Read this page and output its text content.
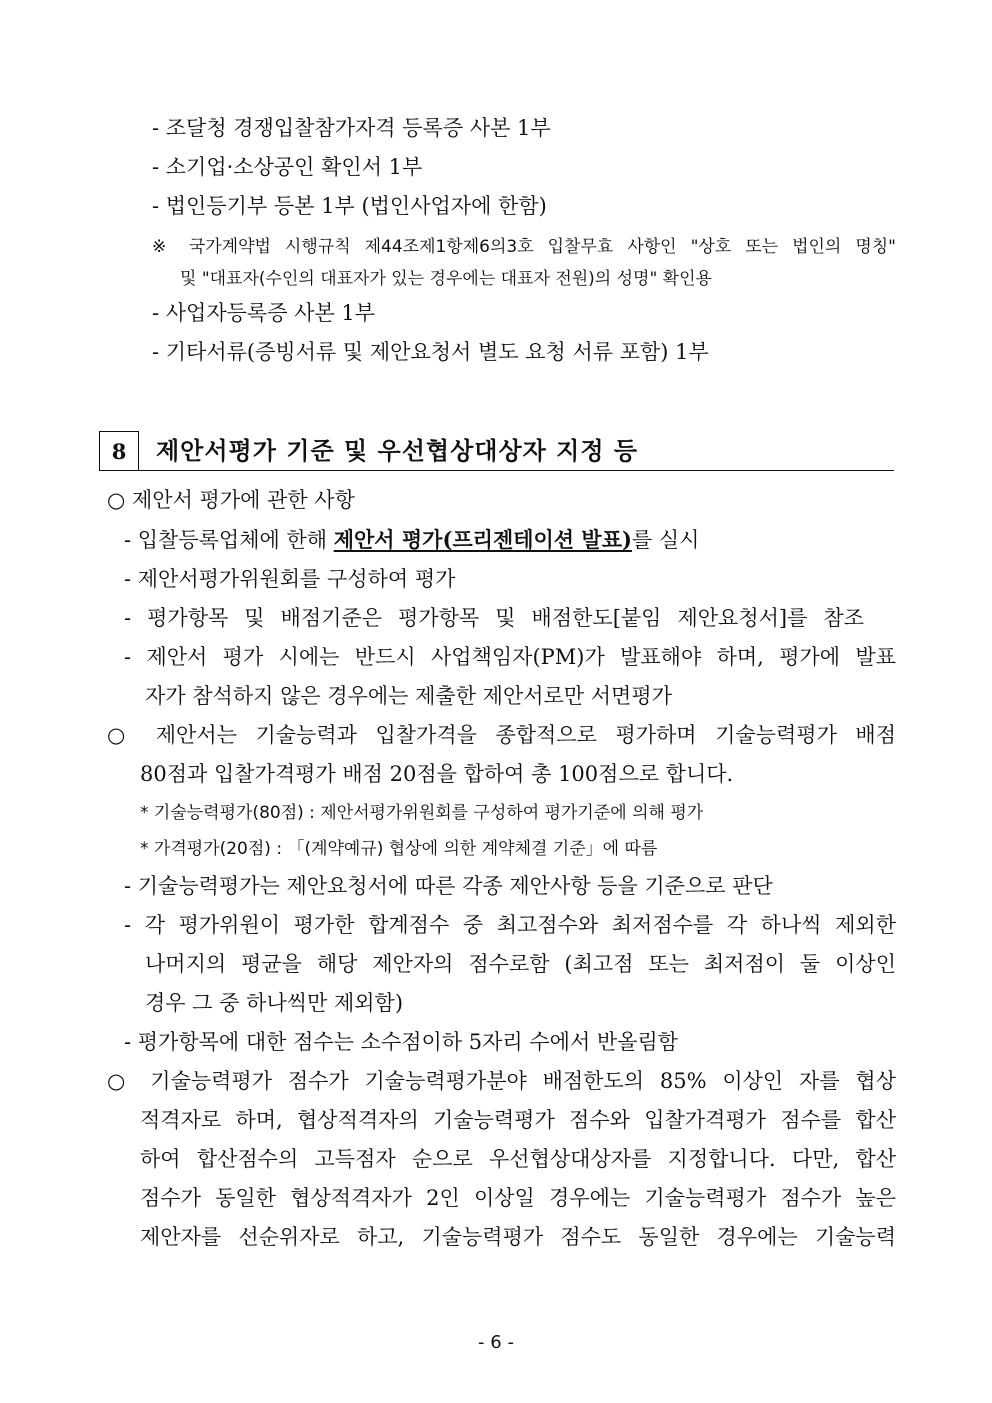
- 조달청 경쟁입찰참가자격 등록증 사본 1부
- 소기업·소상공인 확인서 1부
- 법인등기부 등본 1부 (법인사업자에 한함)
※ 국가계약법 시행규칙 제44조제1항제6의3호 입찰무효 사항인 "상호 또는 법인의 명칭"
및 "대표자(수인의 대표자가 있는 경우에는 대표자 전원)의 성명" 확인용
- 사업자등록증 사본 1부
- 기타서류(증빙서류 및 제안요청서 별도 요청 서류 포함) 1부
8	제안서평가 기준 및 우선협상대상자 지정 등
○ 제안서 평가에 관한 사항
- 입찰등록업체에 한해 제안서 평가(프리젠테이션 발표)를 실시
- 제안서평가위원회를 구성하여 평가
- 평가항목 및 배점기준은 평가항목 및 배점한도[붙임 제안요청서]를 참조
- 제안서 평가 시에는 반드시 사업책임자(PM)가 발표해야 하며, 평가에 발표
자가 참석하지 않은 경우에는 제출한 제안서로만 서면평가
○ 제안서는 기술능력과 입찰가격을 종합적으로 평가하며 기술능력평가 배점
80점과 입찰가격평가 배점 20점을 합하여 총 100점으로 합니다.
* 기술능력평가(80점) : 제안서평가위원회를 구성하여 평가기준에 의해 평가
* 가격평가(20점) : 「(계약예규) 협상에 의한 계약체결 기준」에 따름
- 기술능력평가는 제안요청서에 따른 각종 제안사항 등을 기준으로 판단
- 각 평가위원이 평가한 합계점수 중 최고점수와 최저점수를 각 하나씩 제외한
나머지의 평균을 해당 제안자의 점수로함 (최고점 또는 최저점이 둘 이상인
경우 그 중 하나씩만 제외함)
- 평가항목에 대한 점수는 소수점이하 5자리 수에서 반올림함
○ 기술능력평가 점수가 기술능력평가분야 배점한도의 85% 이상인 자를 협상
적격자로 하며, 협상적격자의 기술능력평가 점수와 입찰가격평가 점수를 합산
하여 합산점수의 고득점자 순으로 우선협상대상자를 지정합니다. 다만, 합산
점수가 동일한 협상적격자가 2인 이상일 경우에는 기술능력평가 점수가 높은
제안자를 선순위자로 하고, 기술능력평가 점수도 동일한 경우에는 기술능력
- 6 -
